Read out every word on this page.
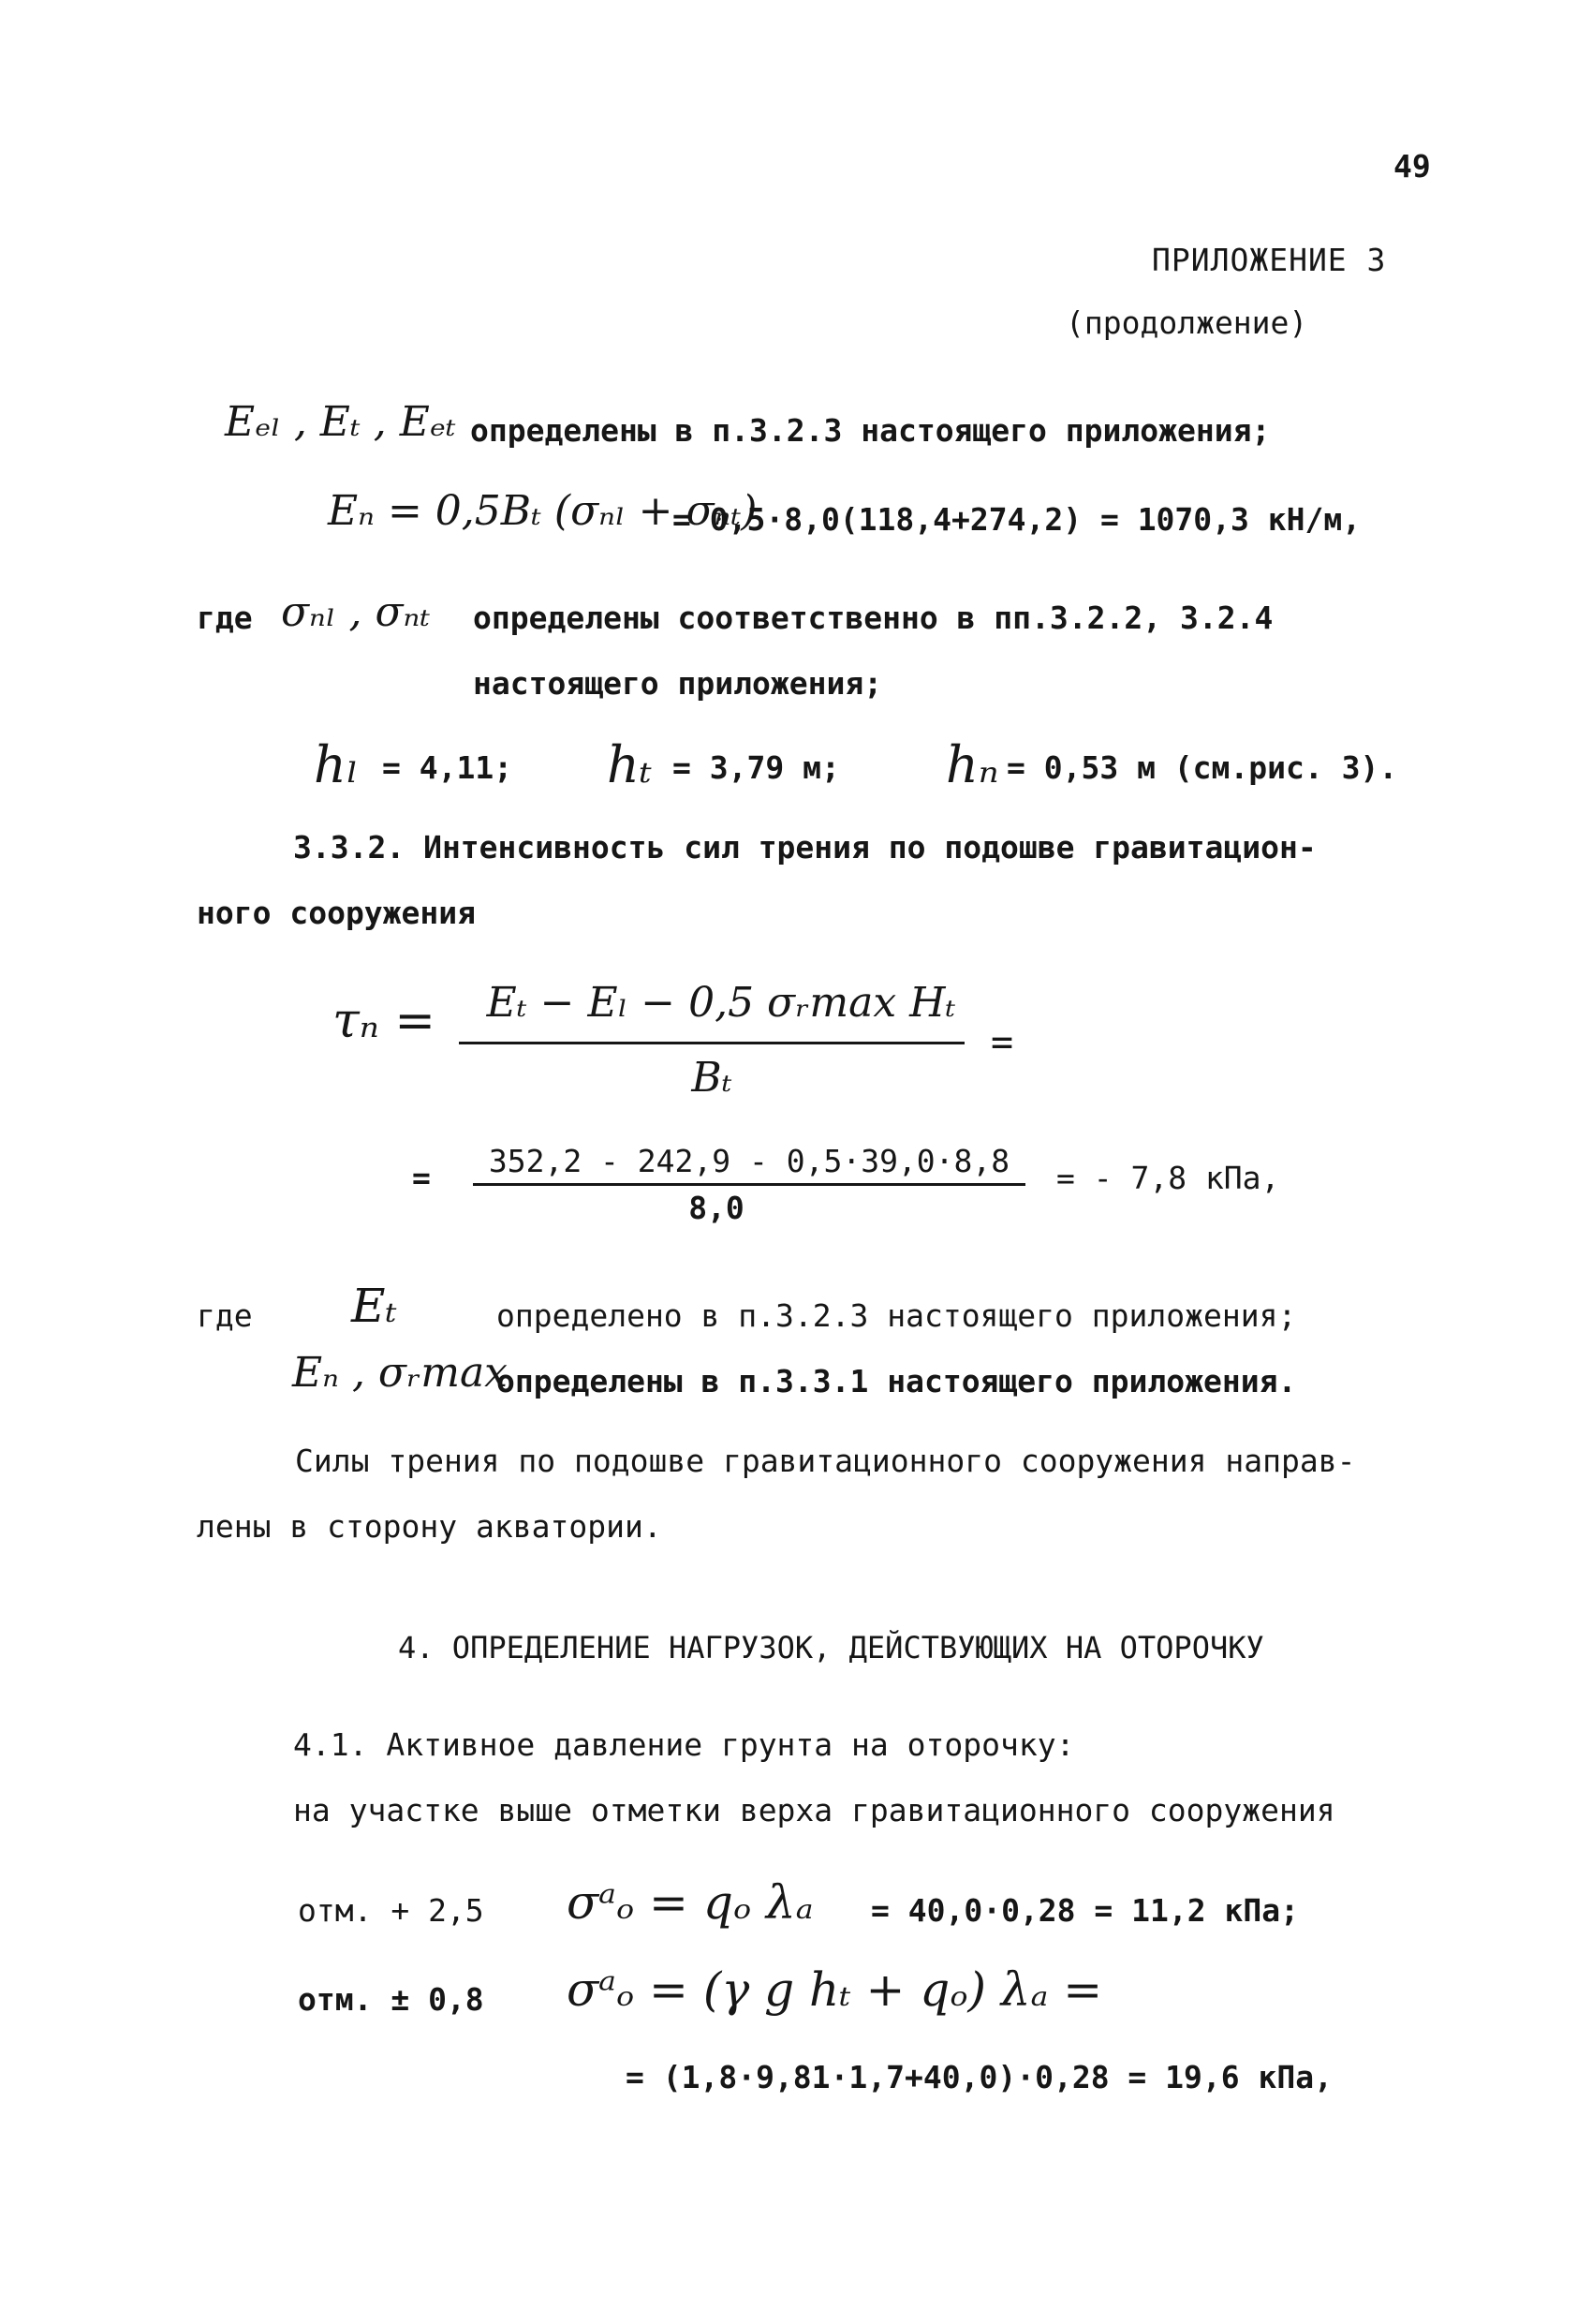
49
ПРИЛОЖЕНИЕ 3
(продолжение)
Eₑₗ , Eₜ , Eₑₜ определены в п.3.2.3 настоящего приложения;
Eₙ = 0,5Bₜ (σₙₗ + σₙₜ)
= 0,5·8,0(118,4+274,2) = 1070,3 кН/м,
где σₙₗ , σₙₜ определены соответственно в пп.3.2.2, 3.2.4
настоящего приложения;
hₗ = 4,11; hₜ = 3,79 м; hₙ = 0,53 м (см.рис. 3).
3.3.2. Интенсивность сил трения по подошве гравитацион-
ного сооружения
τₙ =	Eₜ − Eₗ − 0,5 σᵣmax Hₜ
Bₜ
=
=	352,2 - 242,9 - 0,5·39,0·8,8
8,0
= - 7,8 кПа,
где Eₜ	определено в п.3.2.3 настоящего приложения;
Eₙ , σᵣmax
определены в п.3.3.1 настоящего приложения.
Силы трения по подошве гравитационного сооружения направ-
лены в сторону акватории.
4. ОПРЕДЕЛЕНИЕ НАГРУЗОК, ДЕЙСТВУЮЩИХ НА ОТОРОЧКУ
4.1. Активное давление грунта на оторочку:
на участке выше отметки верха гравитационного сооружения
отм. + 2,5 σᵃₒ = qₒ λₐ = 40,0·0,28 = 11,2 кПа;
отм. ± 0,8 σᵃₒ = (γ g hₜ + qₒ) λₐ =
= (1,8·9,81·1,7+40,0)·0,28 = 19,6 кПа,
